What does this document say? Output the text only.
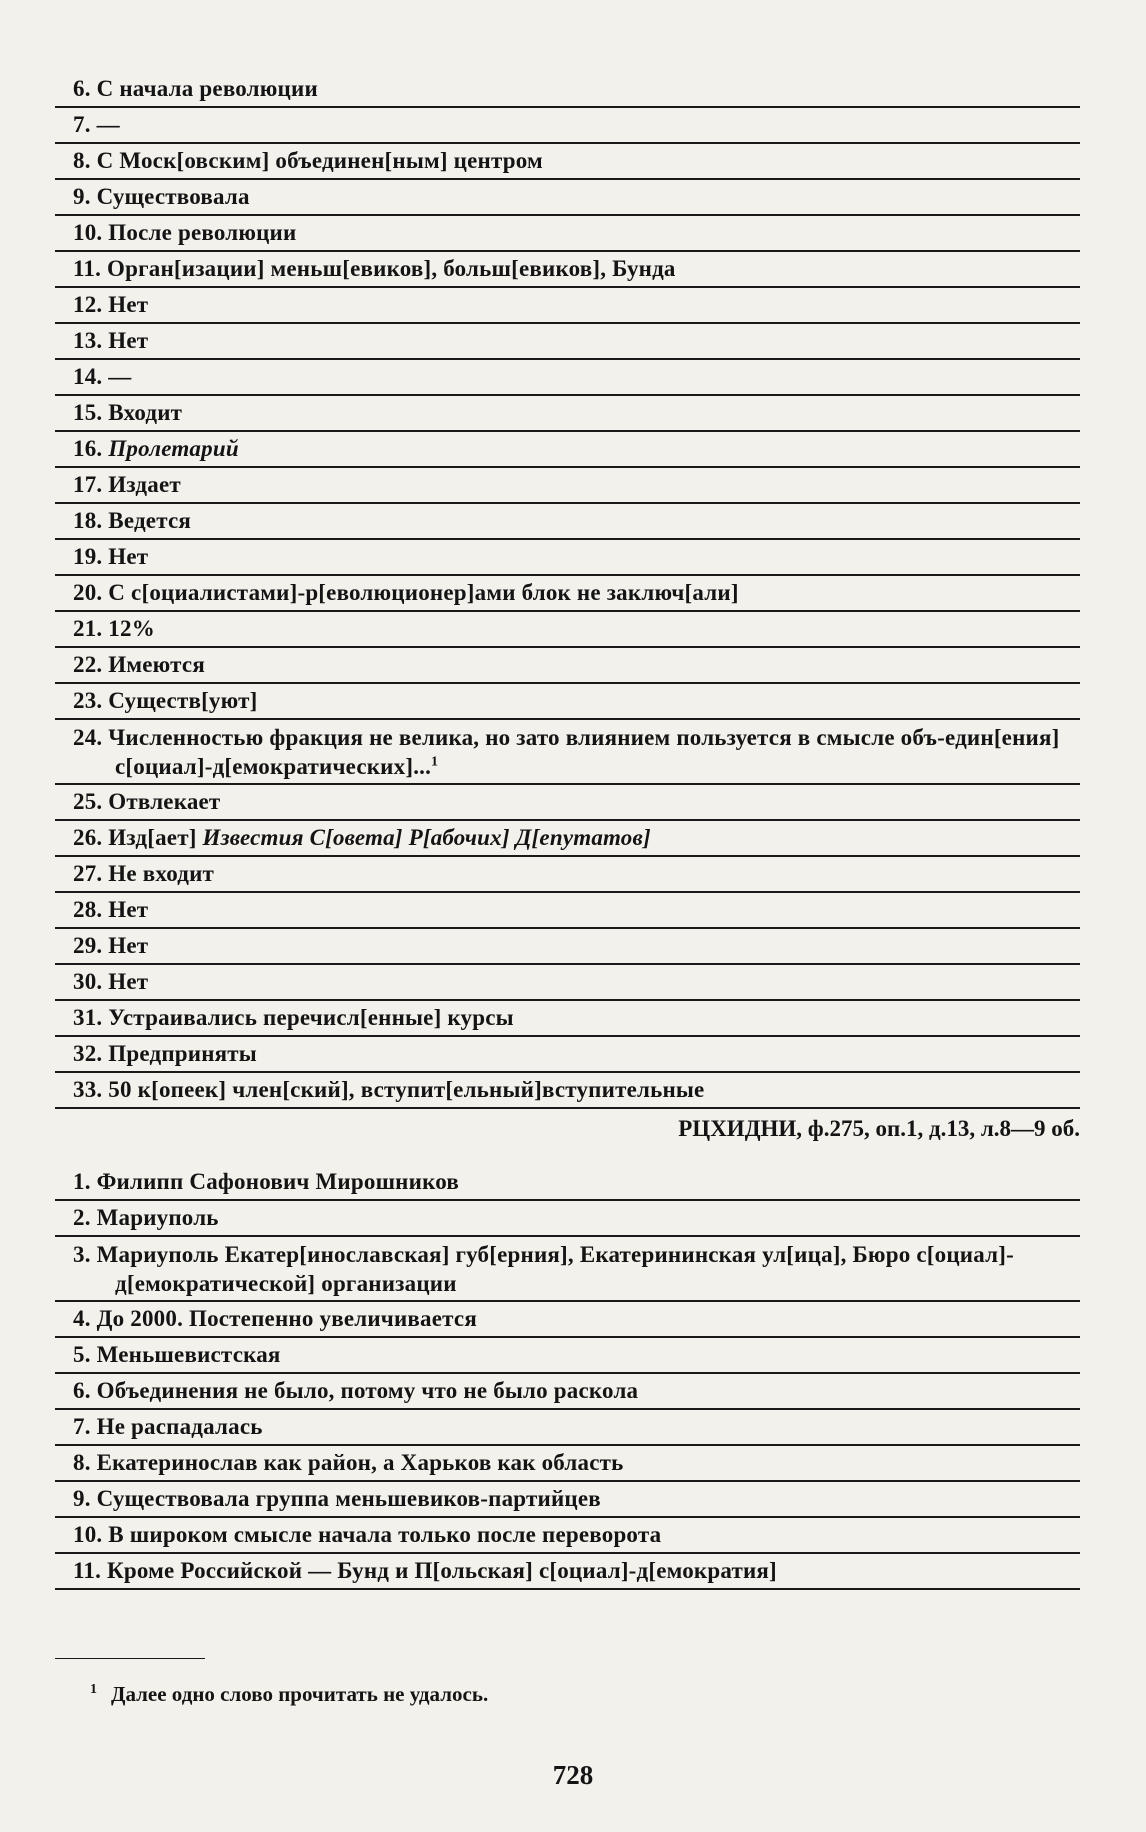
6. С начала революции
7. —
8. С Моск[овским] объединен[ным] центром
9. Существовала
10. После революции
11. Орган[изации] меньш[евиков], больш[евиков], Бунда
12. Нет
13. Нет
14. —
15. Входит
16. Пролетарий
17. Издает
18. Ведется
19. Нет
20. С с[оциалистами]-р[еволюционер]ами блок не заключ[али]
21. 12%
22. Имеются
23. Существ[уют]
24. Численностью фракция не велика, но зато влиянием пользуется в смысле объ-един[ения] с[оциал]-д[емократических]...$^1$
25. Отвлекает
26. Изд[ает] Известия С[овета] Р[абочих] Д[епутатов]
27. Не входит
28. Нет
29. Нет
30. Нет
31. Устраивались перечисл[енные] курсы
32. Предприняты
33. 50 к[опеек] член[ский], вступит[ельный]вступительные
РЦХИДНИ, ф.275, оп.1, д.13, л.8—9 об.
1. Филипп Сафонович Мирошников
2. Мариуполь
3. Мариуполь Екатер[инославская] губ[ерния], Екатерининская ул[ица], Бюро с[оциал]-д[емократической] организации
4. До 2000. Постепенно увеличивается
5. Меньшевистская
6. Объединения не было, потому что не было раскола
7. Не распадалась
8. Екатеринослав как район, а Харьков как область
9. Существовала группа меньшевиков-партийцев
10. В широком смысле начала только после переворота
11. Кроме Российской — Бунд и П[ольская] с[оциал]-д[емократия]
$^1$ Далее одно слово прочитать не удалось.
728
